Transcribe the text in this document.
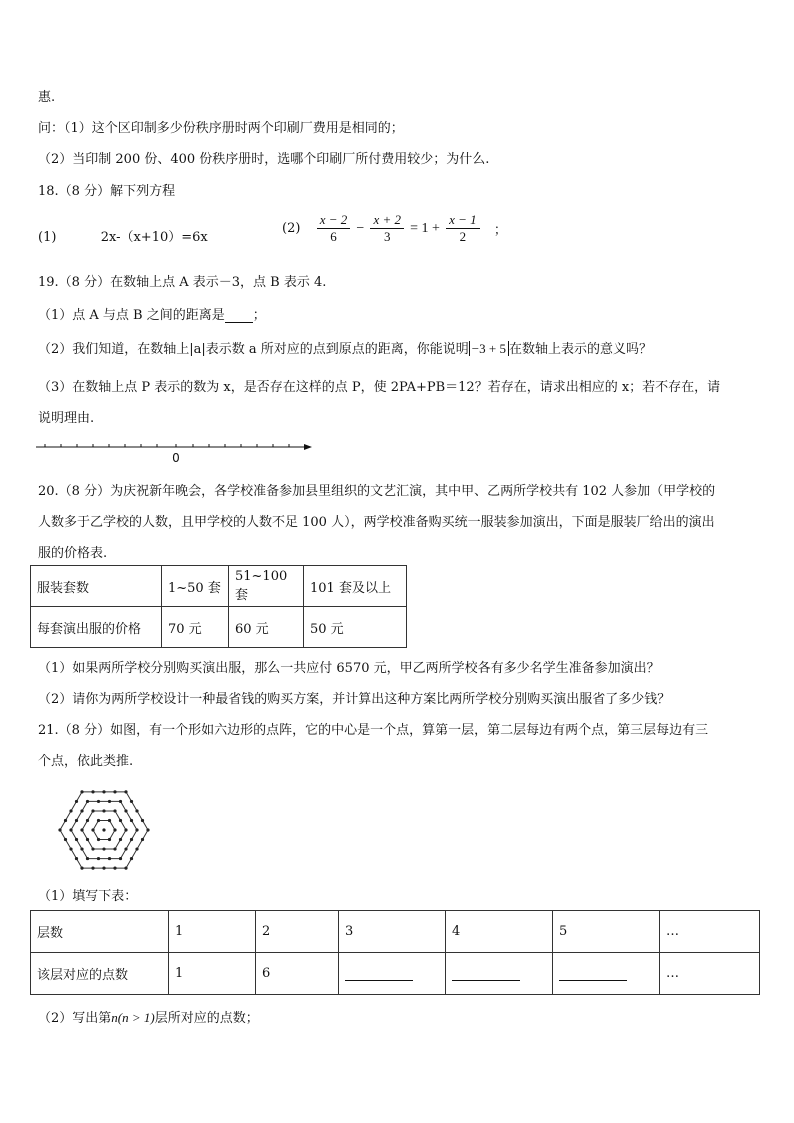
惠.
问：（1）这个区印制多少份秩序册时两个印刷厂费用是相同的；
（2）当印制 200 份、400 份秩序册时，选哪个印刷厂所付费用较少；为什么.
18.（8 分）解下列方程
(1)	2x-（x+10）=6x
$(2) \frac{x - 2}{6} - \frac{x + 2}{3} = 1 + \frac{x - 1}{2}$ ；
19.（8 分）在数轴上点 A 表示－3，点 B 表示 4.
（1）点 A 与点 B 之间的距离是 ；
（2）我们知道，在数轴上|a|表示数 a 所对应的点到原点的距离，你能说明 −3 + 5 在数轴上表示的意义吗？
（3）在数轴上点 P 表示的数为 x，是否存在这样的点 P，使 2PA+PB＝12？若存在，请求出相应的 x；若不存在，请
说明理由.
0
20.（8 分）为庆祝新年晚会，各学校准备参加县里组织的文艺汇演，其中甲、乙两所学校共有 102 人参加（甲学校的
人数多于乙学校的人数，且甲学校的人数不足 100 人），两学校准备购买统一服装参加演出，下面是服装厂给出的演出
服的价格表.
服装套数	1~50 套	51~100 套	101 套及以上
每套演出服的价格	70 元	60 元	50 元
（1）如果两所学校分别购买演出服，那么一共应付 6570 元，甲乙两所学校各有多少名学生准备参加演出？
（2）请你为两所学校设计一种最省钱的购买方案，并计算出这种方案比两所学校分别购买演出服省了多少钱？
21.（8 分）如图，有一个形如六边形的点阵，它的中心是一个点，算第一层，第二层每边有两个点，第三层每边有三
个点，依此类推.
（1）填写下表：
层数	1	2	3	4	5	…
该层对应的点数	1	6				…
（2）写出第n(n > 1)层所对应的点数；
